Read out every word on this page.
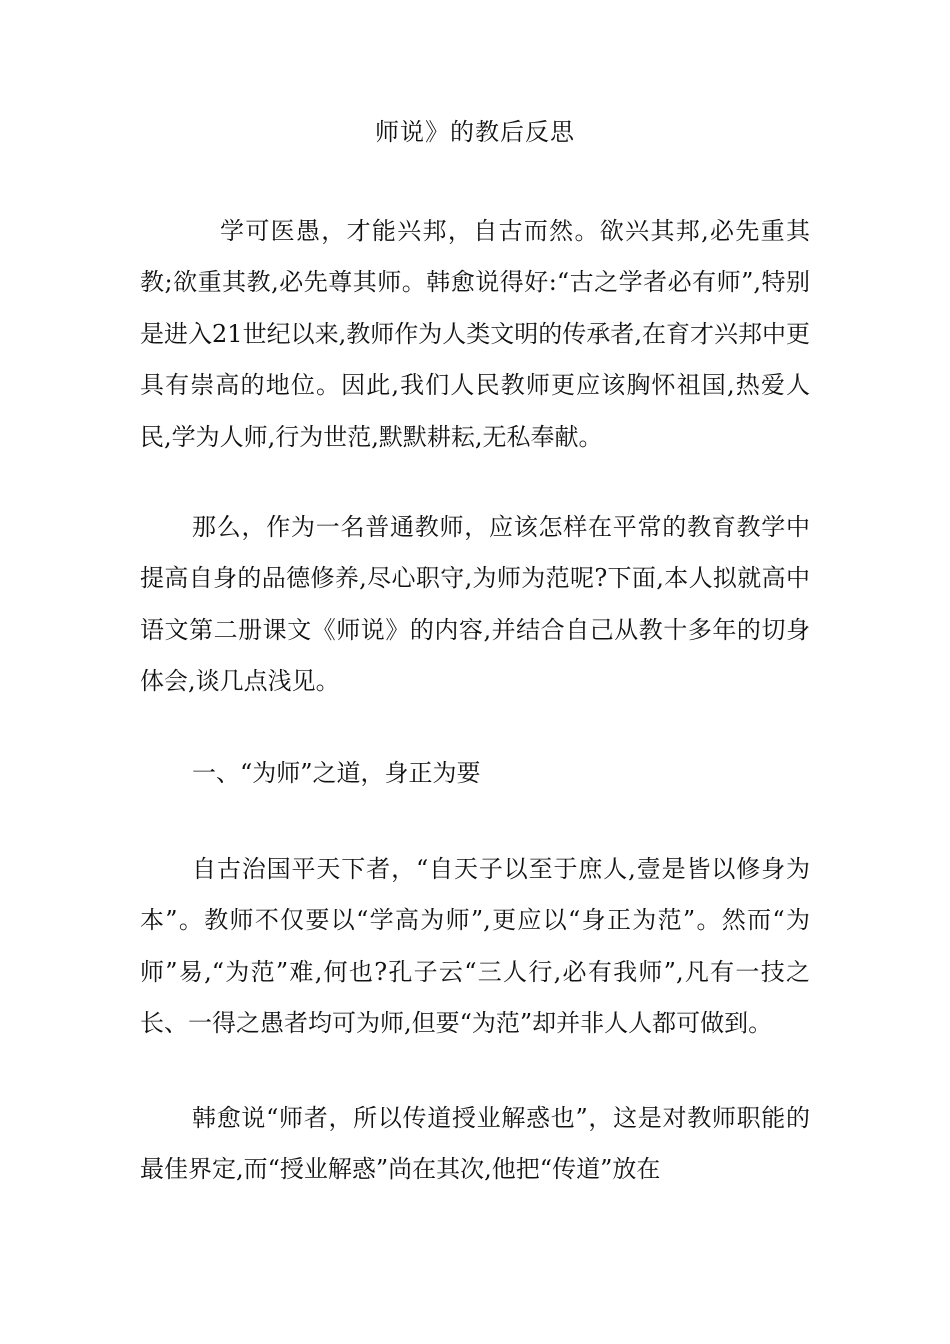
师说》的教后反思

学可医愚，才能兴邦，自古而然。欲兴其邦,必先重其教;欲重其教,必先尊其师。韩愈说得好:“古之学者必有师”,特别是进入21世纪以来,教师作为人类文明的传承者,在育才兴邦中更具有崇高的地位。因此,我们人民教师更应该胸怀祖国,热爱人民,学为人师,行为世范,默默耕耘,无私奉献。

那么，作为一名普通教师，应该怎样在平常的教育教学中提高自身的品德修养,尽心职守,为师为范呢?下面,本人拟就高中语文第二册课文《师说》的内容,并结合自己从教十多年的切身体会,谈几点浅见。

一、“为师”之道，身正为要

自古治国平天下者，“自天子以至于庶人,壹是皆以修身为本”。教师不仅要以“学高为师”,更应以“身正为范”。然而“为师”易,“为范”难,何也?孔子云“三人行,必有我师”,凡有一技之长、一得之愚者均可为师,但要“为范”却并非人人都可做到。

韩愈说“师者，所以传道授业解惑也”，这是对教师职能的最佳界定,而“授业解惑”尚在其次,他把“传道”放在
